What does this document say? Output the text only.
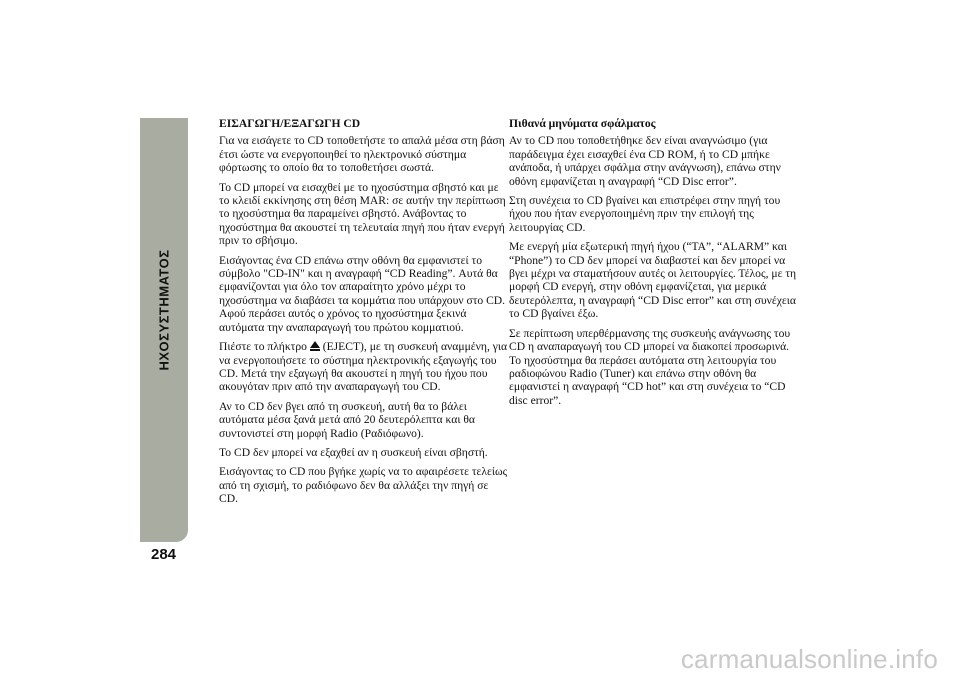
ΗΧΟΣΥΣΤΗΜΑΤΟΣ
284

ΕΙΣΑΓΩΓΗ/ΕΞΑΓΩΓΗ CD

Για να εισάγετε το CD τοποθετήστε το απαλά μέσα στη βάση έτσι ώστε να ενεργοποιηθεί το ηλεκτρονικό σύστημα φόρτωσης το οποίο θα το τοποθετήσει σωστά.

Το CD μπορεί να εισαχθεί με το ηχοσύστημα σβηστό και με το κλειδί εκκίνησης στη θέση MAR: σε αυτήν την περίπτωση το ηχοσύστημα θα παραμείνει σβηστό. Ανάβοντας το ηχοσύστημα θα ακουστεί τη τελευταία πηγή που ήταν ενεργή πριν το σβήσιμο.

Εισάγοντας ένα CD επάνω στην οθόνη θα εμφανιστεί το σύμβολο "CD-IN" και η αναγραφή “CD Reading”. Αυτά θα εμφανίζονται για όλο τον απαραίτητο χρόνο μέχρι το ηχοσύστημα να διαβάσει τα κομμάτια που υπάρχουν στο CD. Αφού περάσει αυτός ο χρόνος το ηχοσύστημα ξεκινά αυτόματα την αναπαραγωγή του πρώτου κομματιού.

Πιέστε το πλήκτρο  (EJECT), με τη συσκευή αναμμένη, για να ενεργοποιήσετε το σύστημα ηλεκτρονικής εξαγωγής του CD. Μετά την εξαγωγή θα ακουστεί η πηγή του ήχου που ακουγόταν πριν από την αναπαραγωγή του CD.

Αν το CD δεν βγει από τη συσκευή, αυτή θα το βάλει αυτόματα μέσα ξανά μετά από 20 δευτερόλεπτα και θα συντονιστεί στη μορφή Radio (Ραδιόφωνο).

Το CD δεν μπορεί να εξαχθεί αν η συσκευή είναι σβηστή.

Εισάγοντας το CD που βγήκε χωρίς να το αφαιρέσετε τελείως από τη σχισμή, το ραδιόφωνο δεν θα αλλάξει την πηγή σε CD.

Πιθανά μηνύματα σφάλματος

Αν το CD που τοποθετήθηκε δεν είναι αναγνώσιμο (για παράδειγμα έχει εισαχθεί ένα CD ROM, ή το CD μπήκε ανάποδα, ή υπάρχει σφάλμα στην ανάγνωση), επάνω στην οθόνη εμφανίζεται η αναγραφή “CD Disc error”.

Στη συνέχεια το CD βγαίνει και επιστρέφει στην πηγή του ήχου που ήταν ενεργοποιημένη πριν την επιλογή της λειτουργίας CD.

Με ενεργή μία εξωτερική πηγή ήχου (“TA”, “ALARM” και “Phone”) το CD δεν μπορεί να διαβαστεί και δεν μπορεί να βγει μέχρι να σταματήσουν αυτές οι λειτουργίες. Τέλος, με τη μορφή CD ενεργή, στην οθόνη εμφανίζεται, για μερικά δευτερόλεπτα, η αναγραφή “CD Disc error” και στη συνέχεια το CD βγαίνει έξω.

Σε περίπτωση υπερθέρμανσης της συσκευής ανάγνωσης του CD η αναπαραγωγή του CD μπορεί να διακοπεί προσωρινά. Το ηχοσύστημα θα περάσει αυτόματα στη λειτουργία του ραδιοφώνου Radio (Tuner) και επάνω στην οθόνη θα εμφανιστεί η αναγραφή “CD hot” και στη συνέχεια το “CD disc error”.

carmanualsonline.info
